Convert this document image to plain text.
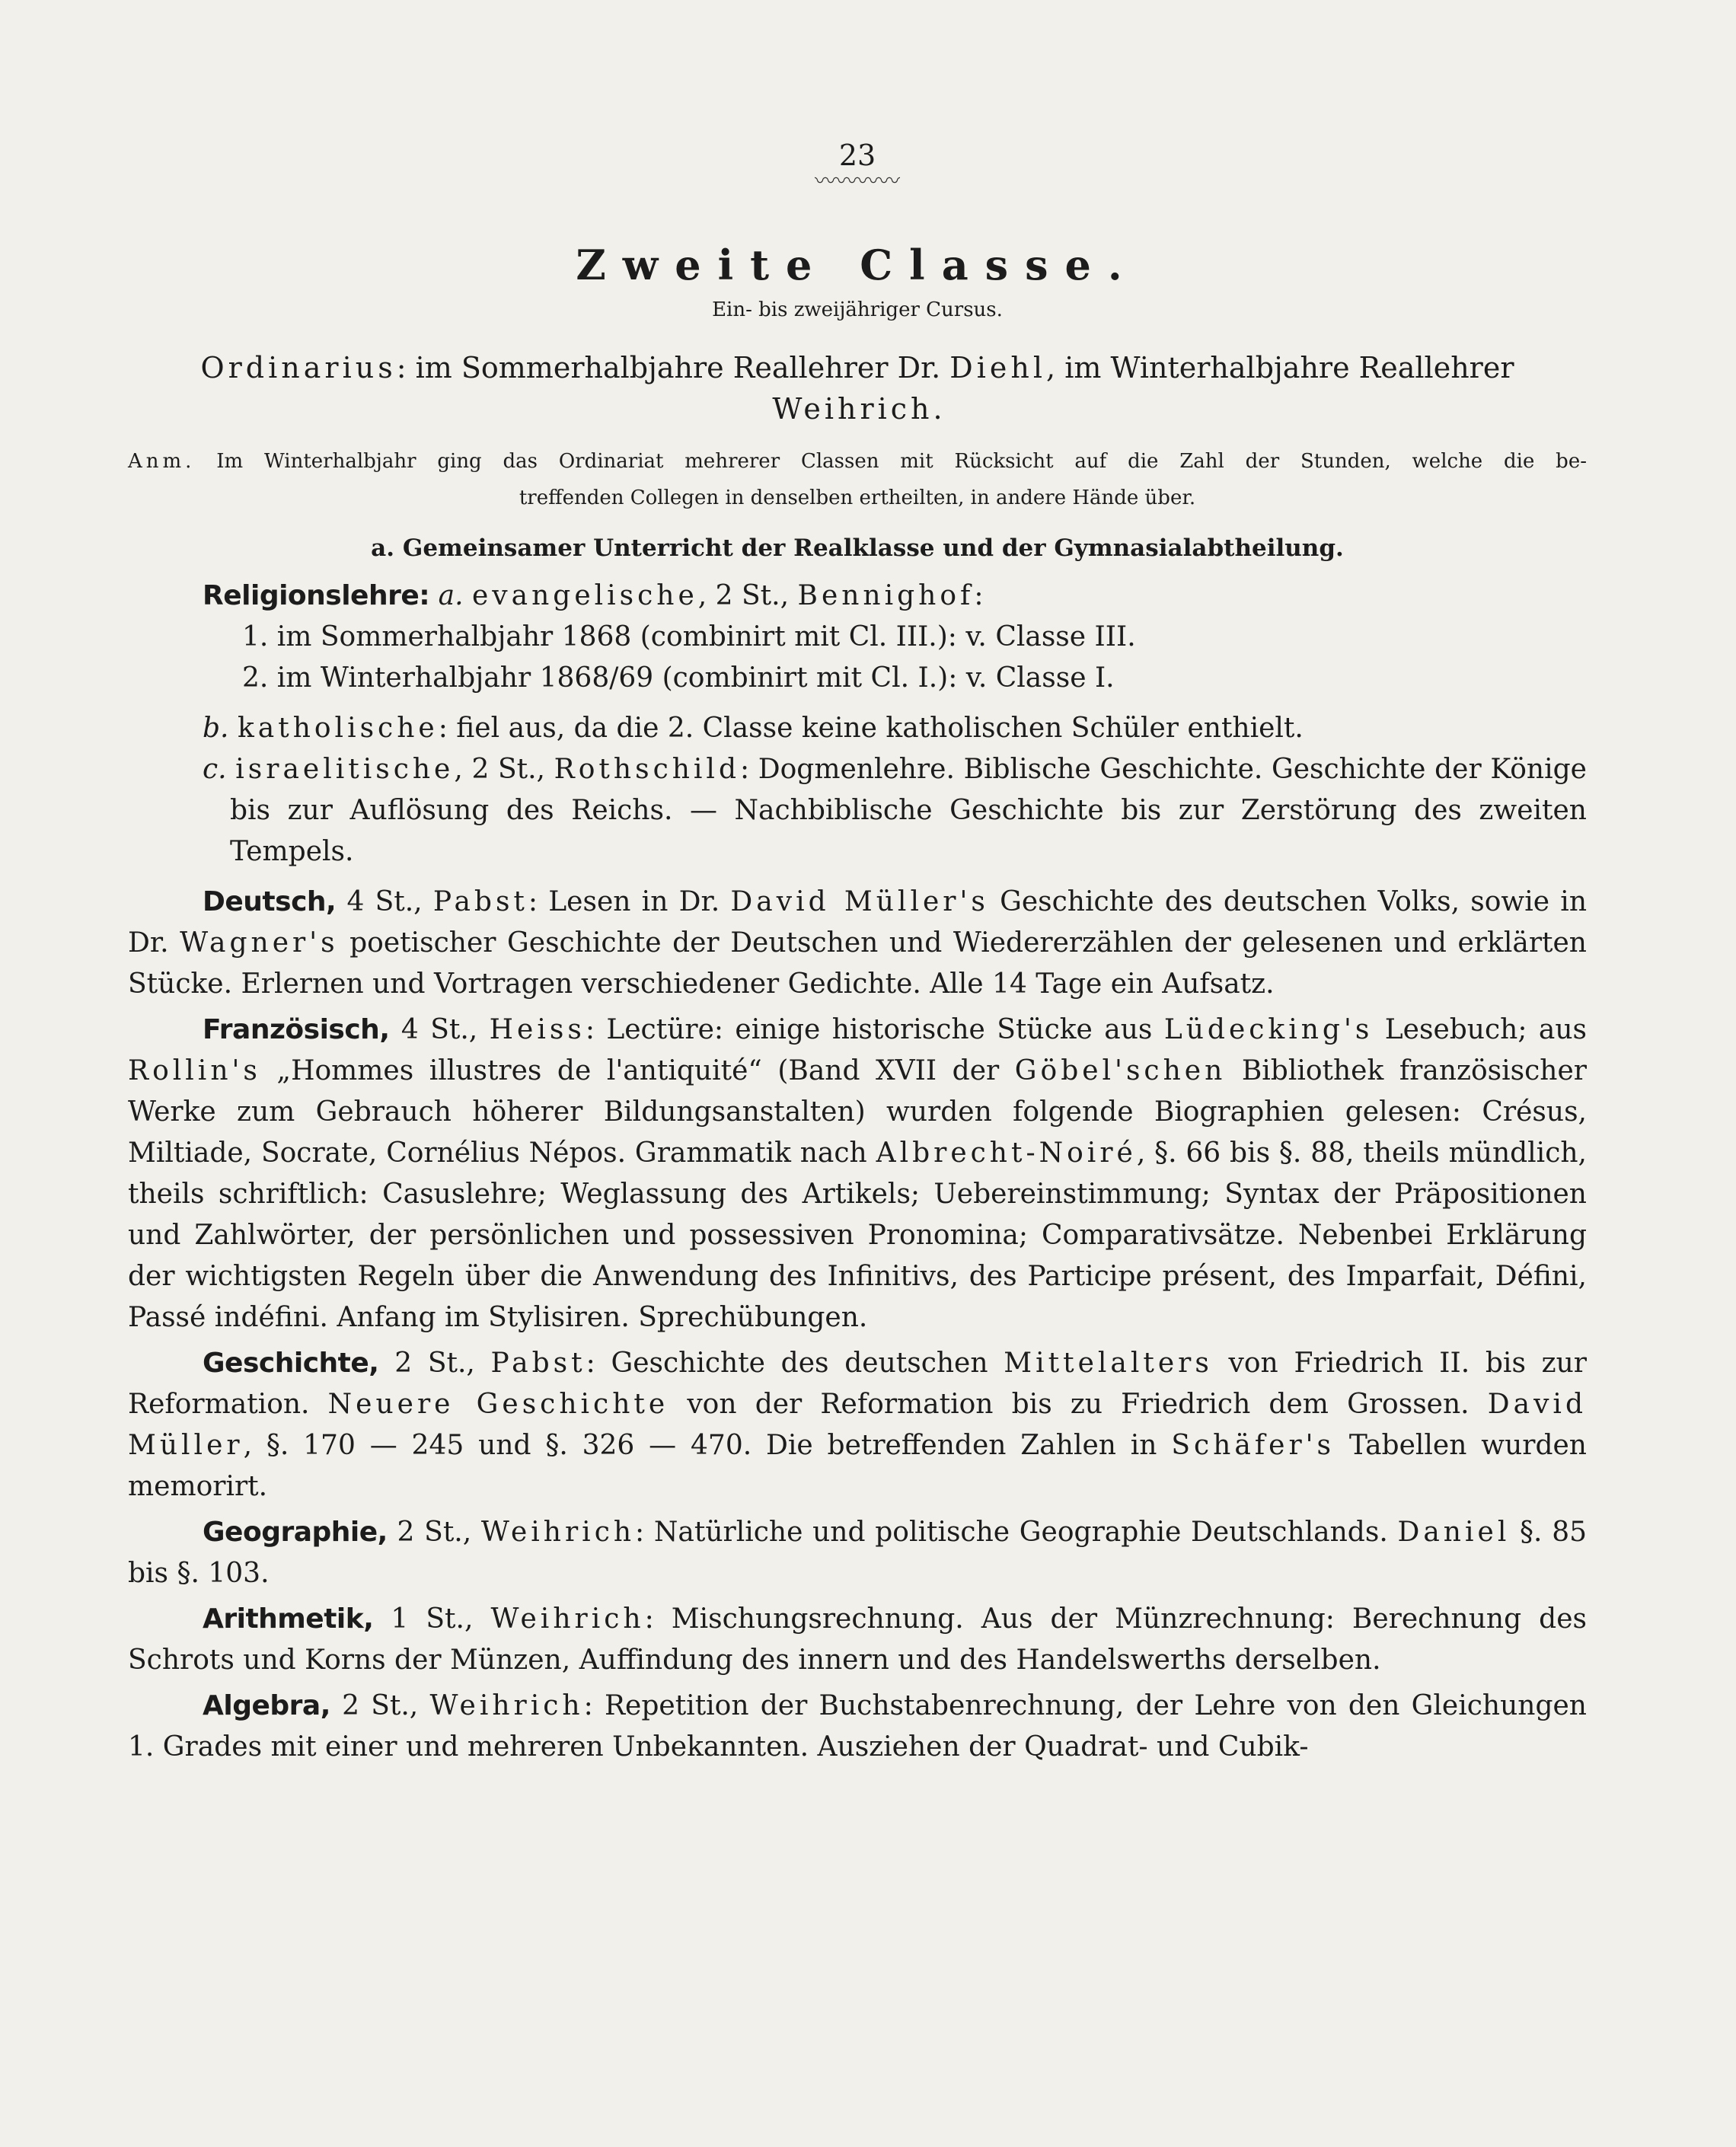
23
〰〰〰〰
Zweite Classe.
Ein- bis zweijähriger Cursus.
Ordinarius: im Sommerhalbjahre Reallehrer Dr. Diehl, im Winterhalbjahre Reallehrer Weihrich.
Anm. Im Winterhalbjahr ging das Ordinariat mehrerer Classen mit Rücksicht auf die Zahl der Stunden, welche die be-
treffenden Collegen in denselben ertheilten, in andere Hände über.
a. Gemeinsamer Unterricht der Realklasse und der Gymnasialabtheilung.

Religionslehre: a. evangelische, 2 St., Bennighof:

1. im Sommerhalbjahr 1868 (combinirt mit Cl. III.): v. Classe III.

2. im Winterhalbjahr 1868/69 (combinirt mit Cl. I.): v. Classe I.

b. katholische: fiel aus, da die 2. Classe keine katholischen Schüler enthielt.

c. israelitische, 2 St., Rothschild: Dogmenlehre. Biblische Geschichte. Geschichte der Könige bis zur Auflösung des Reichs. — Nachbiblische Geschichte bis zur Zerstörung des zweiten Tempels.

Deutsch, 4 St., Pabst: Lesen in Dr. David Müller's Geschichte des deutschen Volks, sowie in Dr. Wagner's poetischer Geschichte der Deutschen und Wiedererzählen der gelesenen und erklärten Stücke. Erlernen und Vortragen verschiedener Gedichte. Alle 14 Tage ein Aufsatz.

Französisch, 4 St., Heiss: Lectüre: einige historische Stücke aus Lüdecking's Lesebuch; aus Rollin's „Hommes illustres de l'antiquité“ (Band XVII der Göbel'schen Bibliothek französischer Werke zum Gebrauch höherer Bildungsanstalten) wurden folgende Biographien gelesen: Crésus, Miltiade, Socrate, Cornélius Népos. Grammatik nach Albrecht-Noiré, §. 66 bis §. 88, theils mündlich, theils schriftlich: Casuslehre; Weglassung des Artikels; Uebereinstimmung; Syntax der Präpositionen und Zahlwörter, der persönlichen und possessiven Pronomina; Comparativsätze. Nebenbei Erklärung der wichtigsten Regeln über die Anwendung des Infinitivs, des Participe présent, des Imparfait, Défini, Passé indéfini. Anfang im Stylisiren. Sprechübungen.

Geschichte, 2 St., Pabst: Geschichte des deutschen Mittelalters von Friedrich II. bis zur Reformation. Neuere Geschichte von der Reformation bis zu Friedrich dem Grossen. David Müller, §. 170 — 245 und §. 326 — 470. Die betreffenden Zahlen in Schäfer's Tabellen wurden memorirt.

Geographie, 2 St., Weihrich: Natürliche und politische Geographie Deutschlands. Daniel §. 85 bis §. 103.

Arithmetik, 1 St., Weihrich: Mischungsrechnung. Aus der Münzrechnung: Berechnung des Schrots und Korns der Münzen, Auffindung des innern und des Handelswerths derselben.

Algebra, 2 St., Weihrich: Repetition der Buchstabenrechnung, der Lehre von den Gleichungen 1. Grades mit einer und mehreren Unbekannten. Ausziehen der Quadrat- und Cubik-
